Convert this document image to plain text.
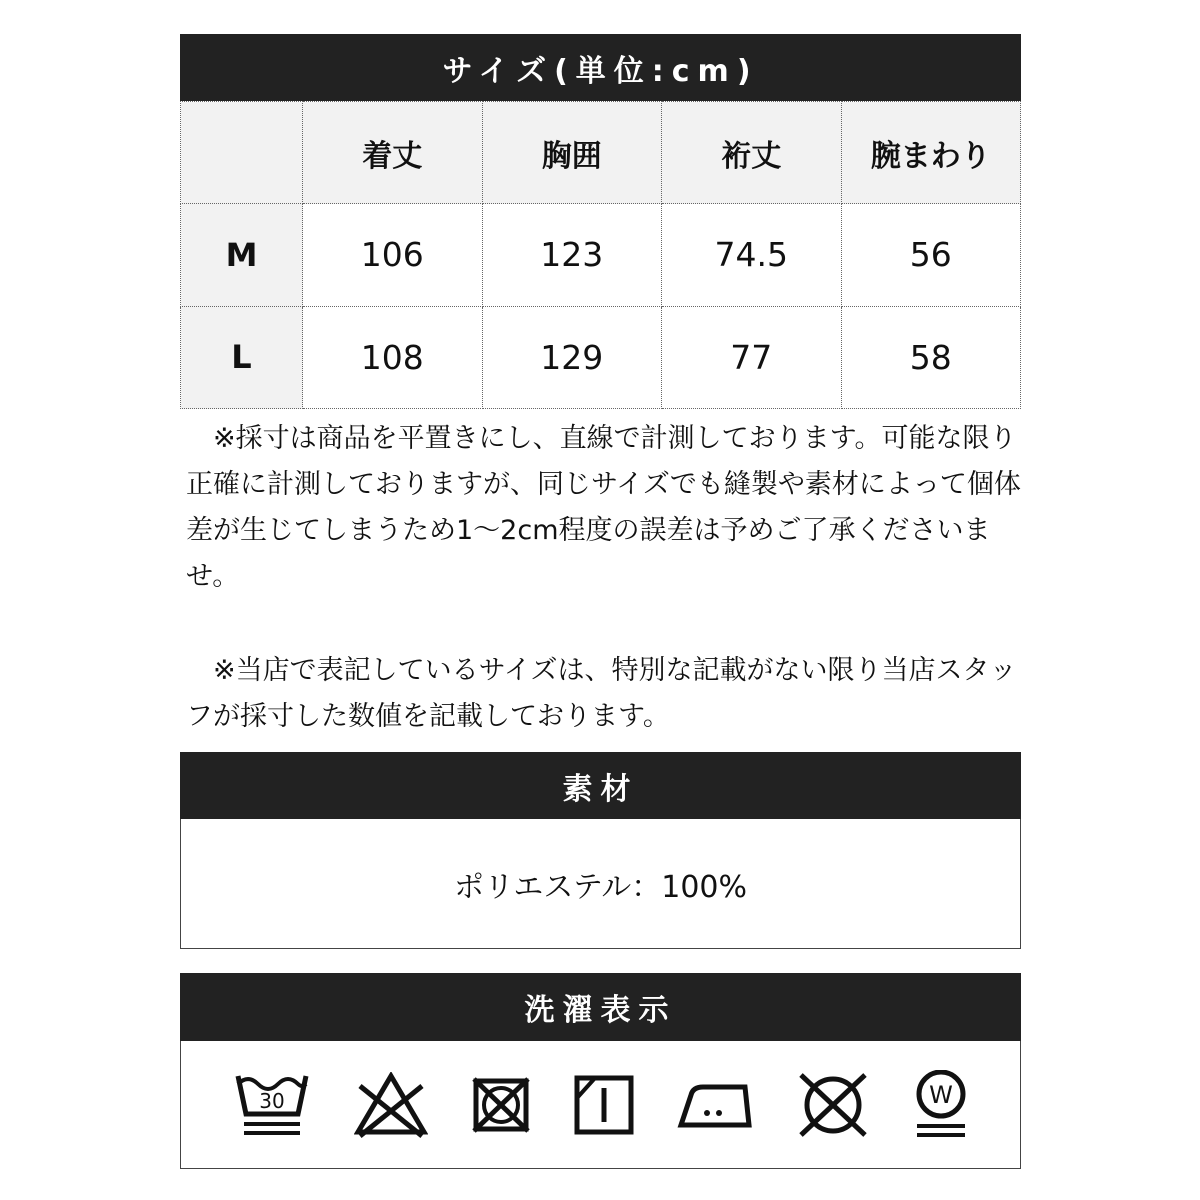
サイズ(単位:cm)
	着丈	胸囲	裄丈	腕まわり
M	106	123	74.5	56
L	108	129	77	58
　※採寸は商品を平置きにし、直線で計測しております。可能な限り正確に計測しておりますが、同じサイズでも縫製や素材によって個体差が生じてしまうため1～2cm程度の誤差は予めご了承くださいませ。
　※当店で表記しているサイズは、特別な記載がない限り当店スタッフが採寸した数値を記載しております。
素材
ポリエステル：100%
洗濯表示
30	W
